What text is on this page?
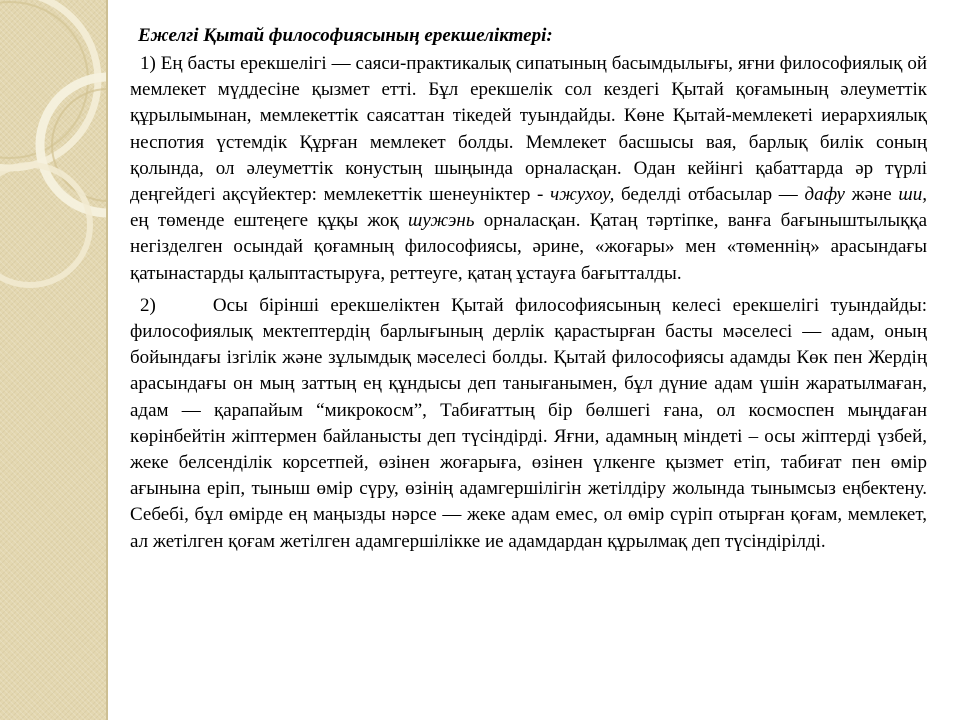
Ежелгі Қытай философиясының ерекшеліктері:

1) Ең басты ерекшелігі — саяси-практикалық сипатының басымдылығы, яғни философиялық ой мемлекет мүддесіне қызмет етті. Бұл ерекшелік сол кездегі Қытай қоғамының әлеуметтік құрылымынан, мемлекеттік саясаттан тікедей туындайды. Көне Қытай-мемлекеті иерархиялық неспотия үстемдік Құрған мемлекет болды. Мемлекет басшысы вая, барлық билік соның қолында, ол әлеуметтік конустың шыңында орналасқан. Одан кейінгі қабаттарда әр түрлі деңгейдегі ақсүйектер: мемлекеттік шенеуніктер - чжухоу, беделді отбасылар — дафу және ши, ең төменде ештеңеге құқы жоқ шужэнь орналасқан. Қатаң тәртіпке, ванға бағыныштылыққа негізделген осындай қоғамның философиясы, әрине, «жоғары» мен «төменнің» арасындағы қатынастарды қалыптастыруға, реттеуге, қатаң ұстауға бағытталды.

2)	Осы бірінші ерекшеліктен Қытай философиясының келесі ерекшелігі туындайды: философиялық мектептердің барлығының дерлік қарастырған басты мәселесі — адам, оның бойындағы ізгілік және зұлымдық мәселесі болды. Қытай философиясы адамды Көк пен Жердің арасындағы он мың заттың ең құндысы деп танығанымен, бұл дүние адам үшін жаратылмаған, адам — қарапайым “микрокосм”, Табиғаттың бір бөлшегі ғана, ол космоспен мыңдаған көрінбейтін жіптермен байланысты деп түсіндірді. Яғни, адамның міндеті – осы жіптерді үзбей, жеке белсенділік корсетпей, өзінен жоғарыға, өзінен үлкенге қызмет етіп, табиғат пен өмір ағынына еріп, тыныш өмір сүру, өзінің адамгершілігін жетілдіру жолында тынымсыз еңбектену. Себебі, бұл өмірде ең маңызды нәрсе — жеке адам емес, ол өмір сүріп отырған қоғам, мемлекет, ал жетілген қоғам жетілген адамгершілікке ие адамдардан құрылмақ деп түсіндірілді.
